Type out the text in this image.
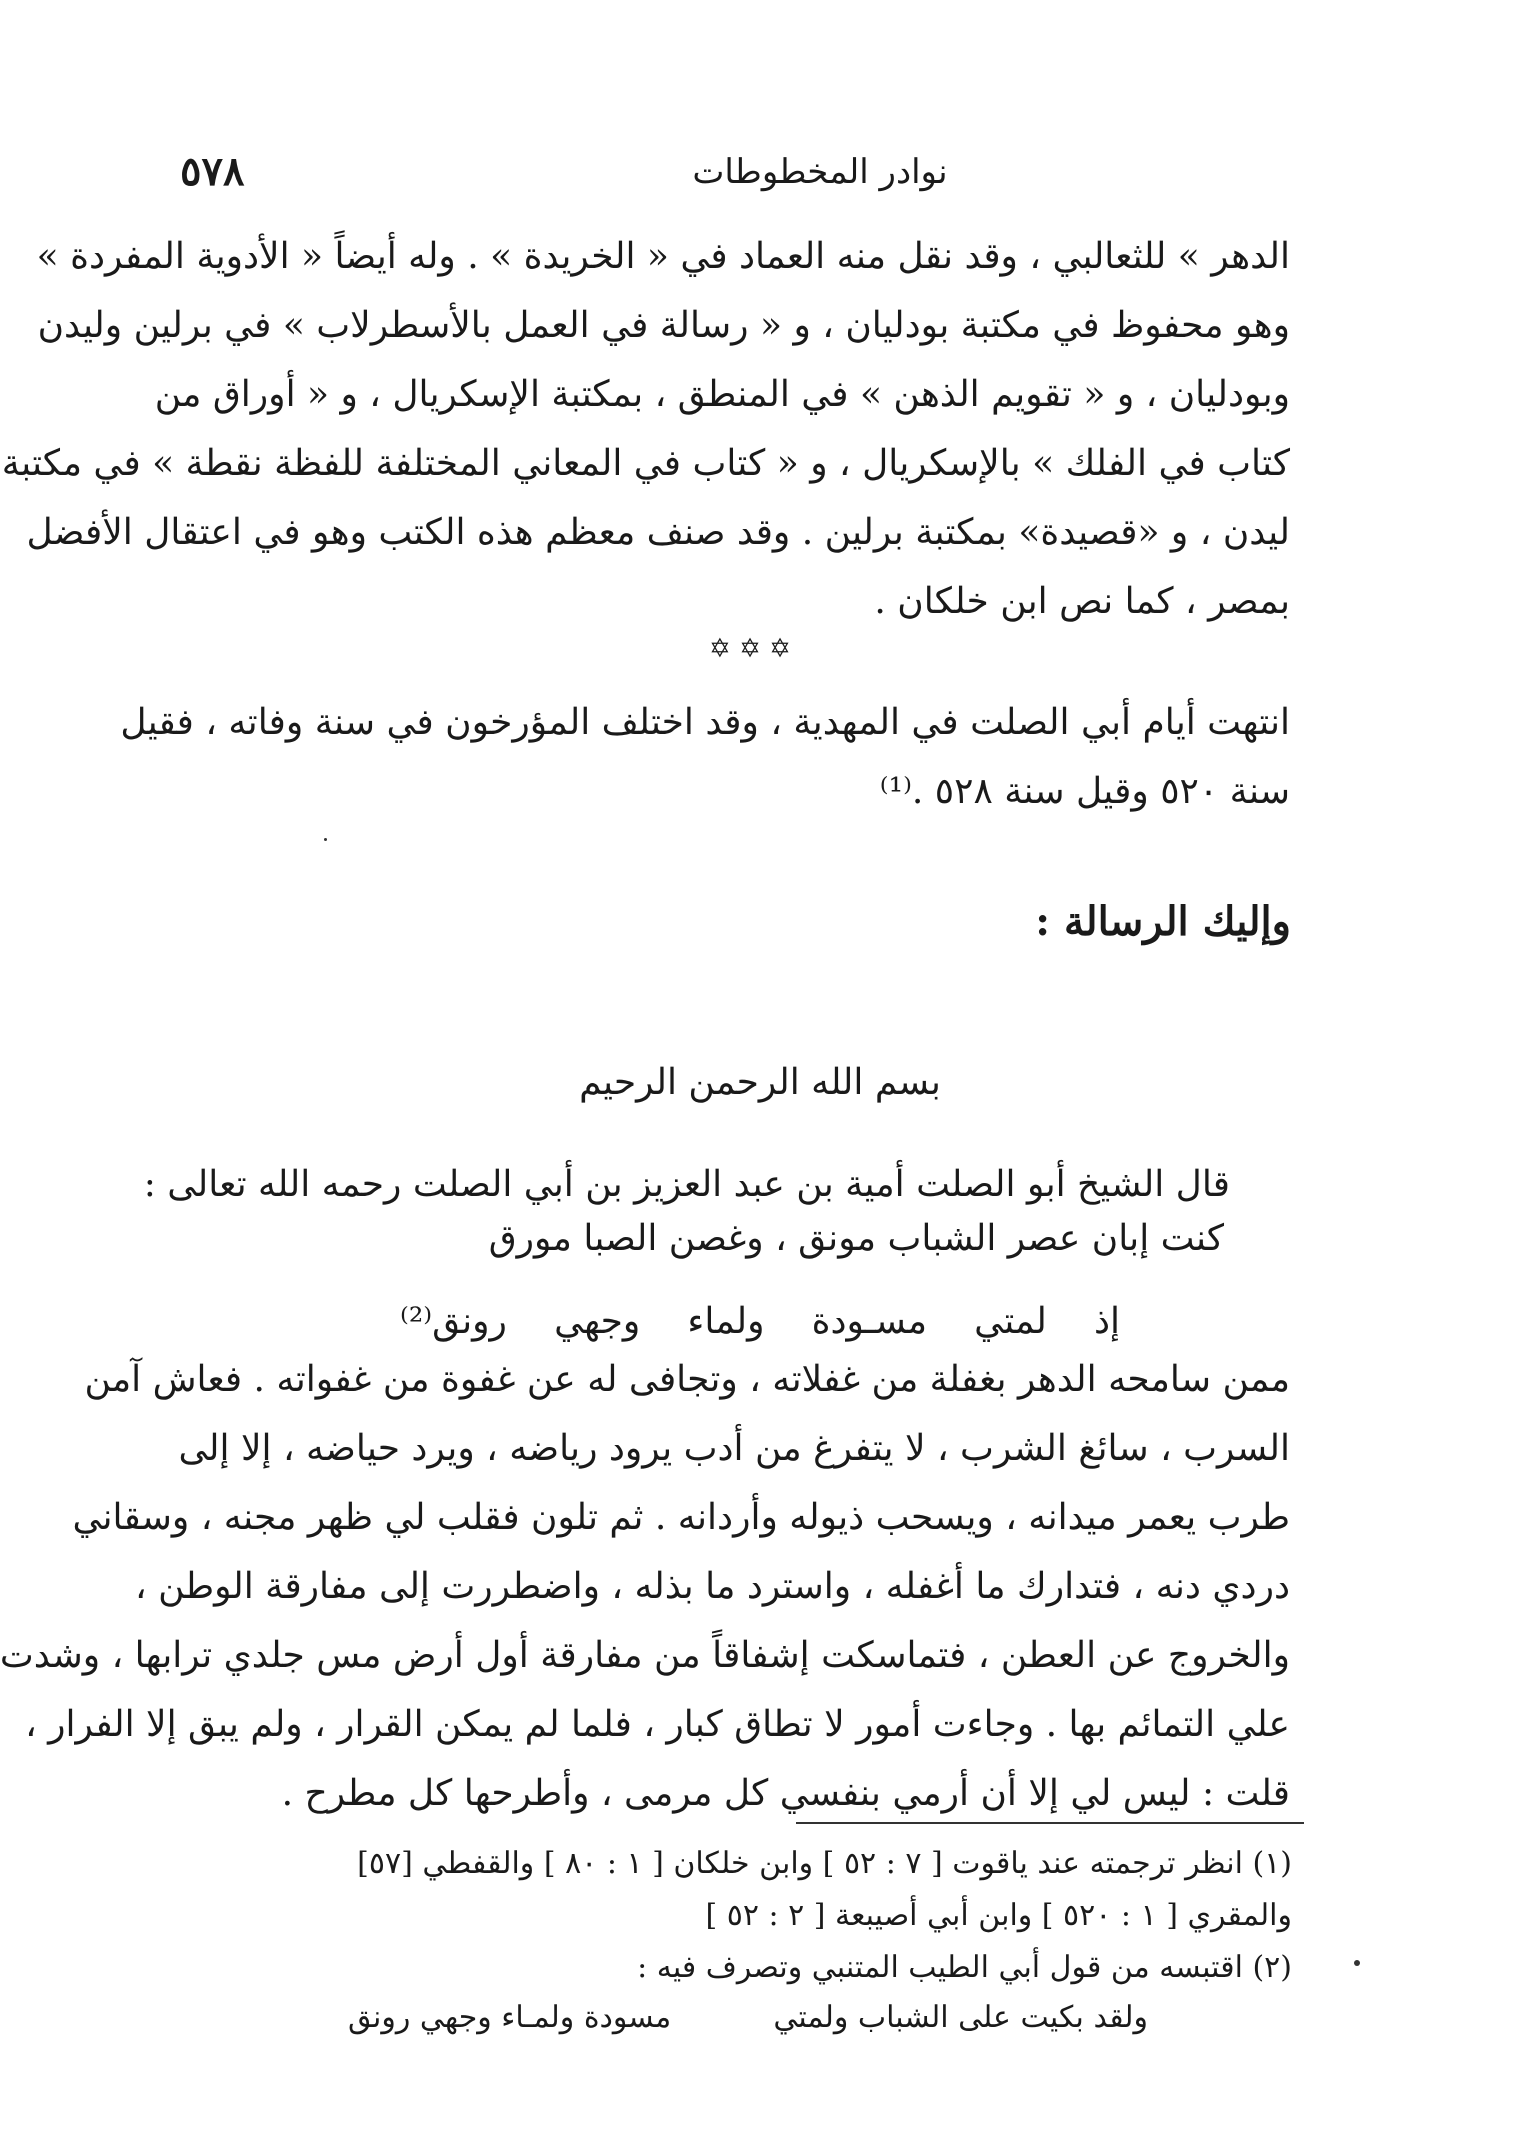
٥٧٨	نوادر المخطوطات
الدهر » للثعالبي ، وقد نقل منه العماد في « الخريدة » . وله أيضاً « الأدوية المفردة »
وهو محفوظ في مكتبة بودليان ، و « رسالة في العمل بالأسطرلاب » في برلين وليدن
وبودليان ، و « تقويم الذهن » في المنطق ، بمكتبة الإسكريال ، و « أوراق من
كتاب في الفلك » بالإسكريال ، و « كتاب في المعاني المختلفة للفظة نقطة » في مكتبة
ليدن ، و «قصيدة» بمكتبة برلين . وقد صنف معظم هذه الكتب وهو في اعتقال الأفضل
بمصر ، كما نص ابن خلكان .
✡ ✡ ✡
انتهت أيام أبي الصلت في المهدية ، وقد اختلف المؤرخون في سنة وفاته ، فقيل
سنة ٥٢٠ وقيل سنة ٥٢٨ .⁽¹⁾
وإليك الرسالة :
بسم الله الرحمن الرحيم
قال الشيخ أبو الصلت أمية بن عبد العزيز بن أبي الصلت رحمه الله تعالى :
كنت إبان عصر الشباب مونق ، وغصن الصبا مورق
إذ لمتي مسـودة ولماء وجهي رونق⁽²⁾
ممن سامحه الدهر بغفلة من غفلاته ، وتجافى له عن غفوة من غفواته . فعاش آمن
السرب ، سائغ الشرب ، لا يتفرغ من أدب يرود رياضه ، ويرد حياضه ، إلا إلى
طرب يعمر ميدانه ، ويسحب ذيوله وأردانه . ثم تلون فقلب لي ظهر مجنه ، وسقاني
دردي دنه ، فتدارك ما أغفله ، واسترد ما بذله ، واضطررت إلى مفارقة الوطن ،
والخروج عن العطن ، فتماسكت إشفاقاً من مفارقة أول أرض مس جلدي ترابها ، وشدت
علي التمائم بها . وجاءت أمور لا تطاق كبار ، فلما لم يمكن القرار ، ولم يبق إلا الفرار ،
قلت : ليس لي إلا أن أرمي بنفسي كل مرمى ، وأطرحها كل مطرح .
(١) انظر ترجمته عند ياقوت [ ٧ : ٥٢ ] وابن خلكان [ ١ : ٨٠ ] والقفطي [٥٧]
والمقري [ ١ : ٥٢٠ ] وابن أبي أصيبعة [ ٢ : ٥٢ ]
(٢) اقتبسه من قول أبي الطيب المتنبي وتصرف فيه :
ولقد بكيت على الشباب ولمتي
مسودة ولمـاء وجهي رونق
